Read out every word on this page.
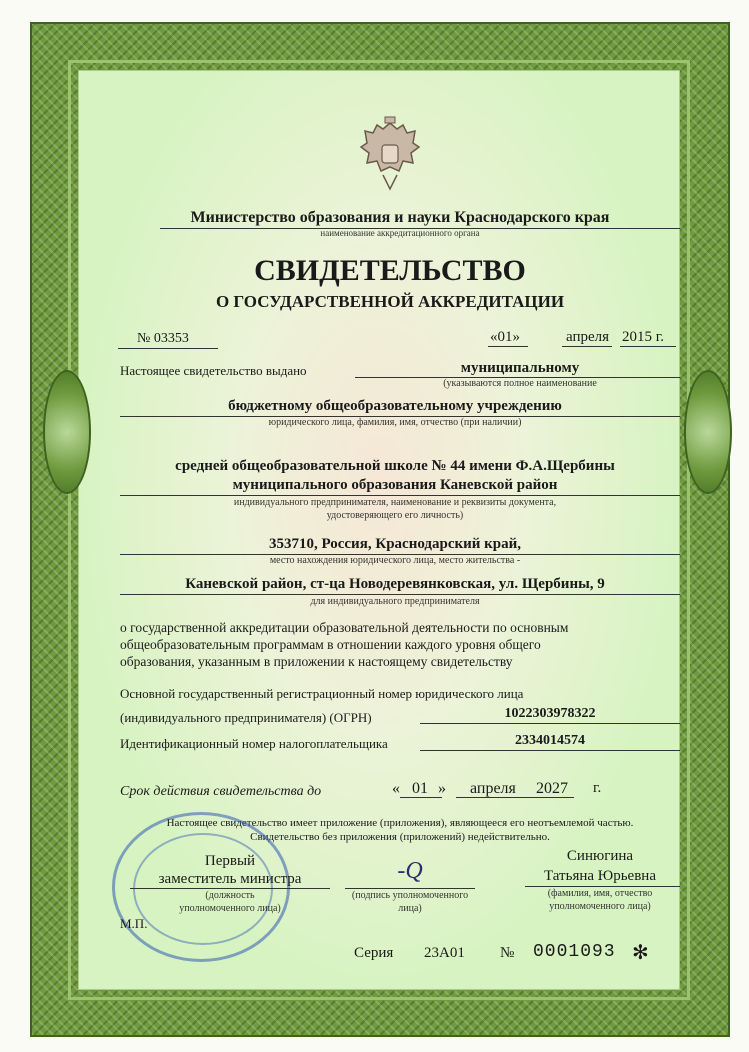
Министерство образования и науки Краснодарского края
наименование аккредитационного органа
СВИДЕТЕЛЬСТВО
О ГОСУДАРСТВЕННОЙ АККРЕДИТАЦИИ
№ 03353	«01»	апреля 2015 г.
Настоящее свидетельство выдано	муниципальному
(указываются полное наименование
бюджетному общеобразовательному учреждению
юридического лица, фамилия, имя, отчество (при наличии)
средней общеобразовательной школе № 44 имени Ф.А.Щербины
муниципального образования Каневской район
индивидуального предпринимателя, наименование и реквизиты документа,
удостоверяющего его личность)
353710, Россия, Краснодарский край,
место нахождения юридического лица, место жительства -
Каневской район, ст-ца Новодеревянковская, ул. Щербины, 9
для индивидуального предпринимателя
о государственной аккредитации образовательной деятельности по основным
общеобразовательным программам в отношении каждого уровня общего
образования, указанным в приложении к настоящему свидетельству
Основной государственный регистрационный номер юридического лица
(индивидуального предпринимателя) (ОГРН)	1022303978322
Идентификационный номер налогоплательщика	2334014574
Срок действия свидетельства до	« 01 » апреля 2027 г.
Настоящее свидетельство имеет приложение (приложения), являющееся его неотъемлемой частью.
Свидетельство без приложения (приложений) недействительно.
Первый
заместитель министра
(должность
уполномоченного лица)
-Q
(подпись уполномоченного
лица)
Синюгина
Татьяна Юрьевна
(фамилия, имя, отчество
уполномоченного лица)
М.П.
Серия 23А01 № 0001093 ✻
